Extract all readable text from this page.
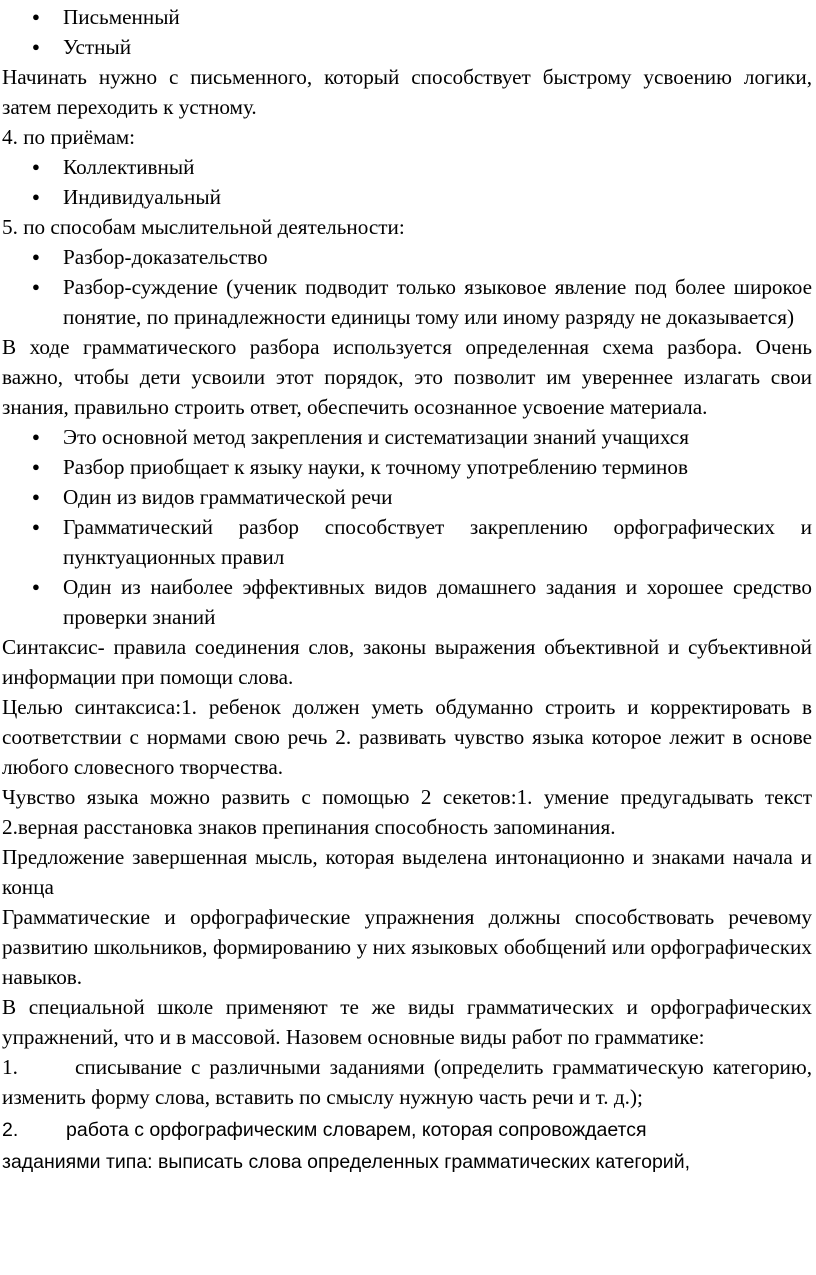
● Письменный
● Устный

Начинать нужно с письменного, который способствует быстрому усвоению логики, затем переходить к устному.

4. по приёмам:

● Коллективный
● Индивидуальный

5. по способам мыслительной деятельности:

● Разбор-доказательство
● Разбор-суждение (ученик подводит только языковое явление под более широкое понятие, по принадлежности единицы тому или иному разряду не доказывается)

В ходе грамматического разбора используется определенная схема разбора. Очень важно, чтобы дети усвоили этот порядок, это позволит им увереннее излагать свои знания, правильно строить ответ, обеспечить осознанное усвоение материала.

● Это основной метод закрепления и систематизации знаний учащихся
● Разбор приобщает к языку науки, к точному употреблению терминов
● Один из видов грамматической речи
● Грамматический разбор способствует закреплению орфографических и пунктуационных правил
● Один из наиболее эффективных видов домашнего задания и хорошее средство проверки знаний

Синтаксис- правила соединения слов, законы выражения объективной и субъективной информации при помощи слова.

Целью синтаксиса:1. ребенок должен уметь обдуманно строить и корректировать в соответствии с нормами свою речь 2. развивать чувство языка которое лежит в основе любого словесного творчества.

Чувство языка можно развить с помощью 2 секетов:1. умение предугадывать текст 2.верная расстановка знаков препинания способность запоминания.

Предложение завершенная мысль, которая выделена интонационно и знаками начала и конца

Грамматические и орфографические упражнения должны способствовать речевому развитию школьников, формированию у них языковых обобщений или орфографических навыков.

В специальной школе применяют те же виды грамматических и орфографических упражнений, что и в массовой. Назовем основные виды работ по грамматике:

1.	списывание с различными заданиями (определить грамматическую категорию, изменить форму слова, вставить по смыслу нужную часть речи и т. д.);
2.	работа с орфографическим словарем, которая сопровождается

заданиями типа: выписать слова определенных грамматических категорий,
